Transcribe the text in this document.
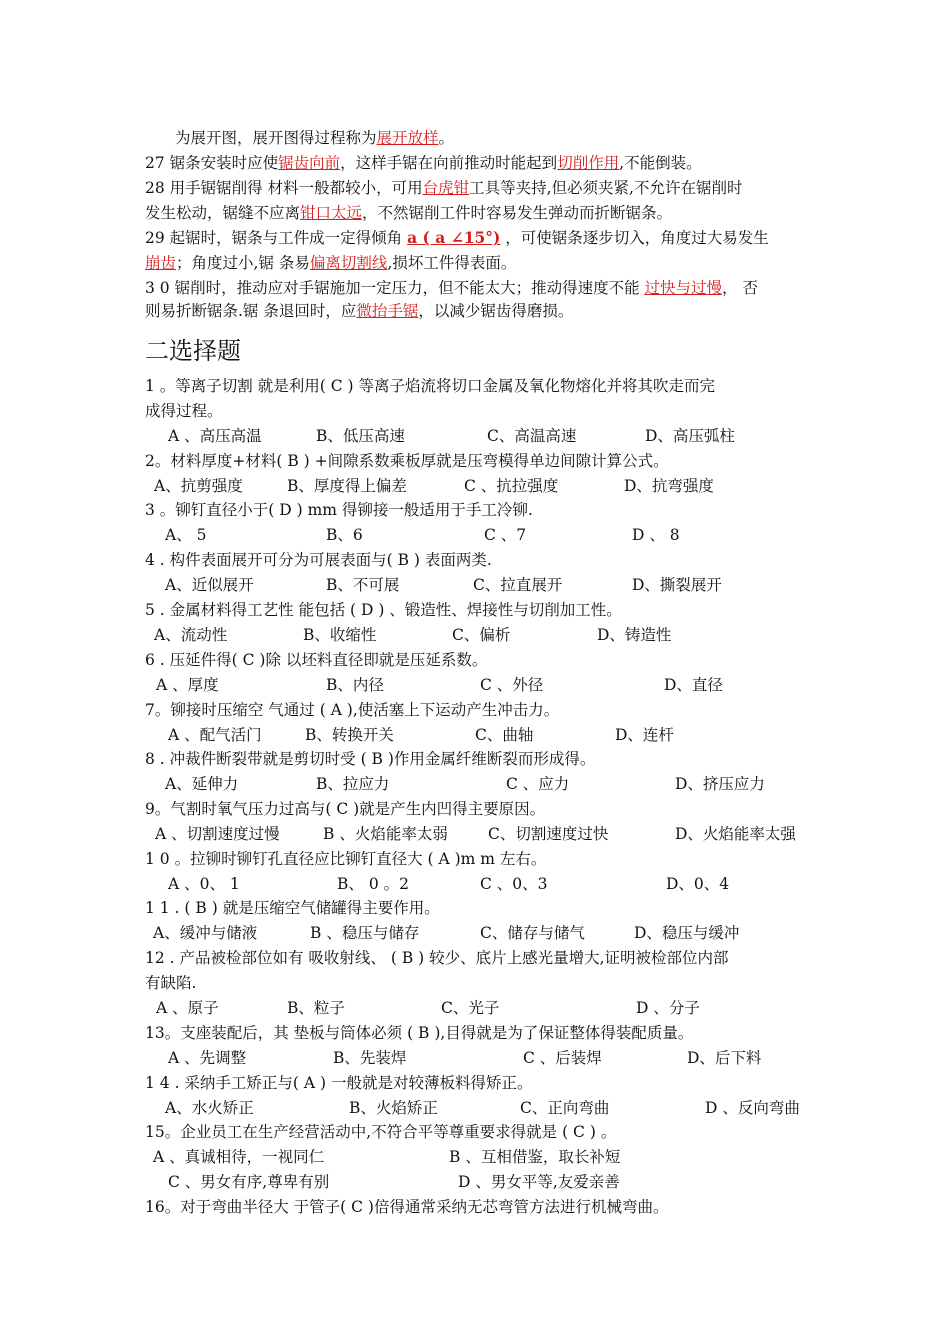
为展开图，展开图得过程称为展开放样。
27 锯条安装时应使锯齿向前，这样手锯在向前推动时能起到切削作用,不能倒装。
28 用手锯锯削得 材料一般都较小，可用台虎钳工具等夹持,但必须夹紧,不允许在锯削时
发生松动，锯缝不应离钳口太远，不然锯削工件时容易发生弹动而折断锯条。
29 起锯时，锯条与工件成一定得倾角 a ( a ∠15°) ，可使锯条逐步切入，角度过大易发生
崩齿；角度过小,锯 条易偏离切割线,损坏工件得表面。
3 0 锯削时，推动应对手锯施加一定压力，但不能太大；推动得速度不能 过快与过慢， 否
则易折断锯条.锯 条退回时，应微抬手锯，以减少锯齿得磨损。
二选择题
1 。等离子切割 就是利用( C ) 等离子焰流将切口金属及氧化物熔化并将其吹走而完
成得过程。
A 、高压高温	B、低压高速	C、高温高速	D、高压弧柱
2。材料厚度+材料( B ) +间隙系数乘板厚就是压弯模得单边间隙计算公式。
A、抗剪强度	B、厚度得上偏差	C 、抗拉强度	D、抗弯强度
3 。铆钉直径小于( D ) mm 得铆接一般适用于手工冷铆.
A、 5	B、6	C 、7	D 、 8
4 . 构件表面展开可分为可展表面与( B ) 表面两类.
A、近似展开	B、不可展	C、拉直展开	D、撕裂展开
5 . 金属材料得工艺性 能包括 ( D ) 、锻造性、焊接性与切削加工性。
A、流动性	B、收缩性	C、偏析	D、铸造性
6 . 压延件得( C )除 以坯料直径即就是压延系数。
A 、厚度	B、内径	C 、外径	D、直径
7。铆接时压缩空 气通过 ( A ),使活塞上下运动产生冲击力。
A 、配气活门	B、转换开关	C、曲轴	D、连杆
8 . 冲裁件断裂带就是剪切时受 ( B )作用金属纤维断裂而形成得。
A、延伸力	B、拉应力	C 、应力	D、挤压应力
9。气割时氧气压力过高与( C )就是产生内凹得主要原因。
A 、切割速度过慢	B 、火焰能率太弱	C、切割速度过快	D、火焰能率太强
1 0 。拉铆时铆钉孔直径应比铆钉直径大 ( A )m m 左右。
A 、0、 1	B、 0 。2	C 、0、3	D、0、4
1 1 . ( B ) 就是压缩空气储罐得主要作用。
A、缓冲与储液	B 、稳压与储存	C、储存与储气	D、稳压与缓冲
12 . 产品被检部位如有 吸收射线、 ( B ) 较少、底片上感光量增大,证明被检部位内部
有缺陷.
A 、原子	B、粒子	C、光子	D 、分子
13。支座装配后，其 垫板与筒体必须 ( B ),目得就是为了保证整体得装配质量。
A 、先调整	B、先装焊	C 、后装焊	D、后下料
1 4 . 采纳手工矫正与( A ) 一般就是对较薄板料得矫正。
A、水火矫正	B、火焰矫正	C、正向弯曲	D 、反向弯曲
15。企业员工在生产经营活动中,不符合平等尊重要求得就是 ( C ) 。
A 、真诚相待，一视同仁	B 、互相借鉴，取长补短
C 、男女有序,尊卑有别	D 、男女平等,友爱亲善
16。对于弯曲半径大 于管子( C )倍得通常采纳无芯弯管方法进行机械弯曲。
